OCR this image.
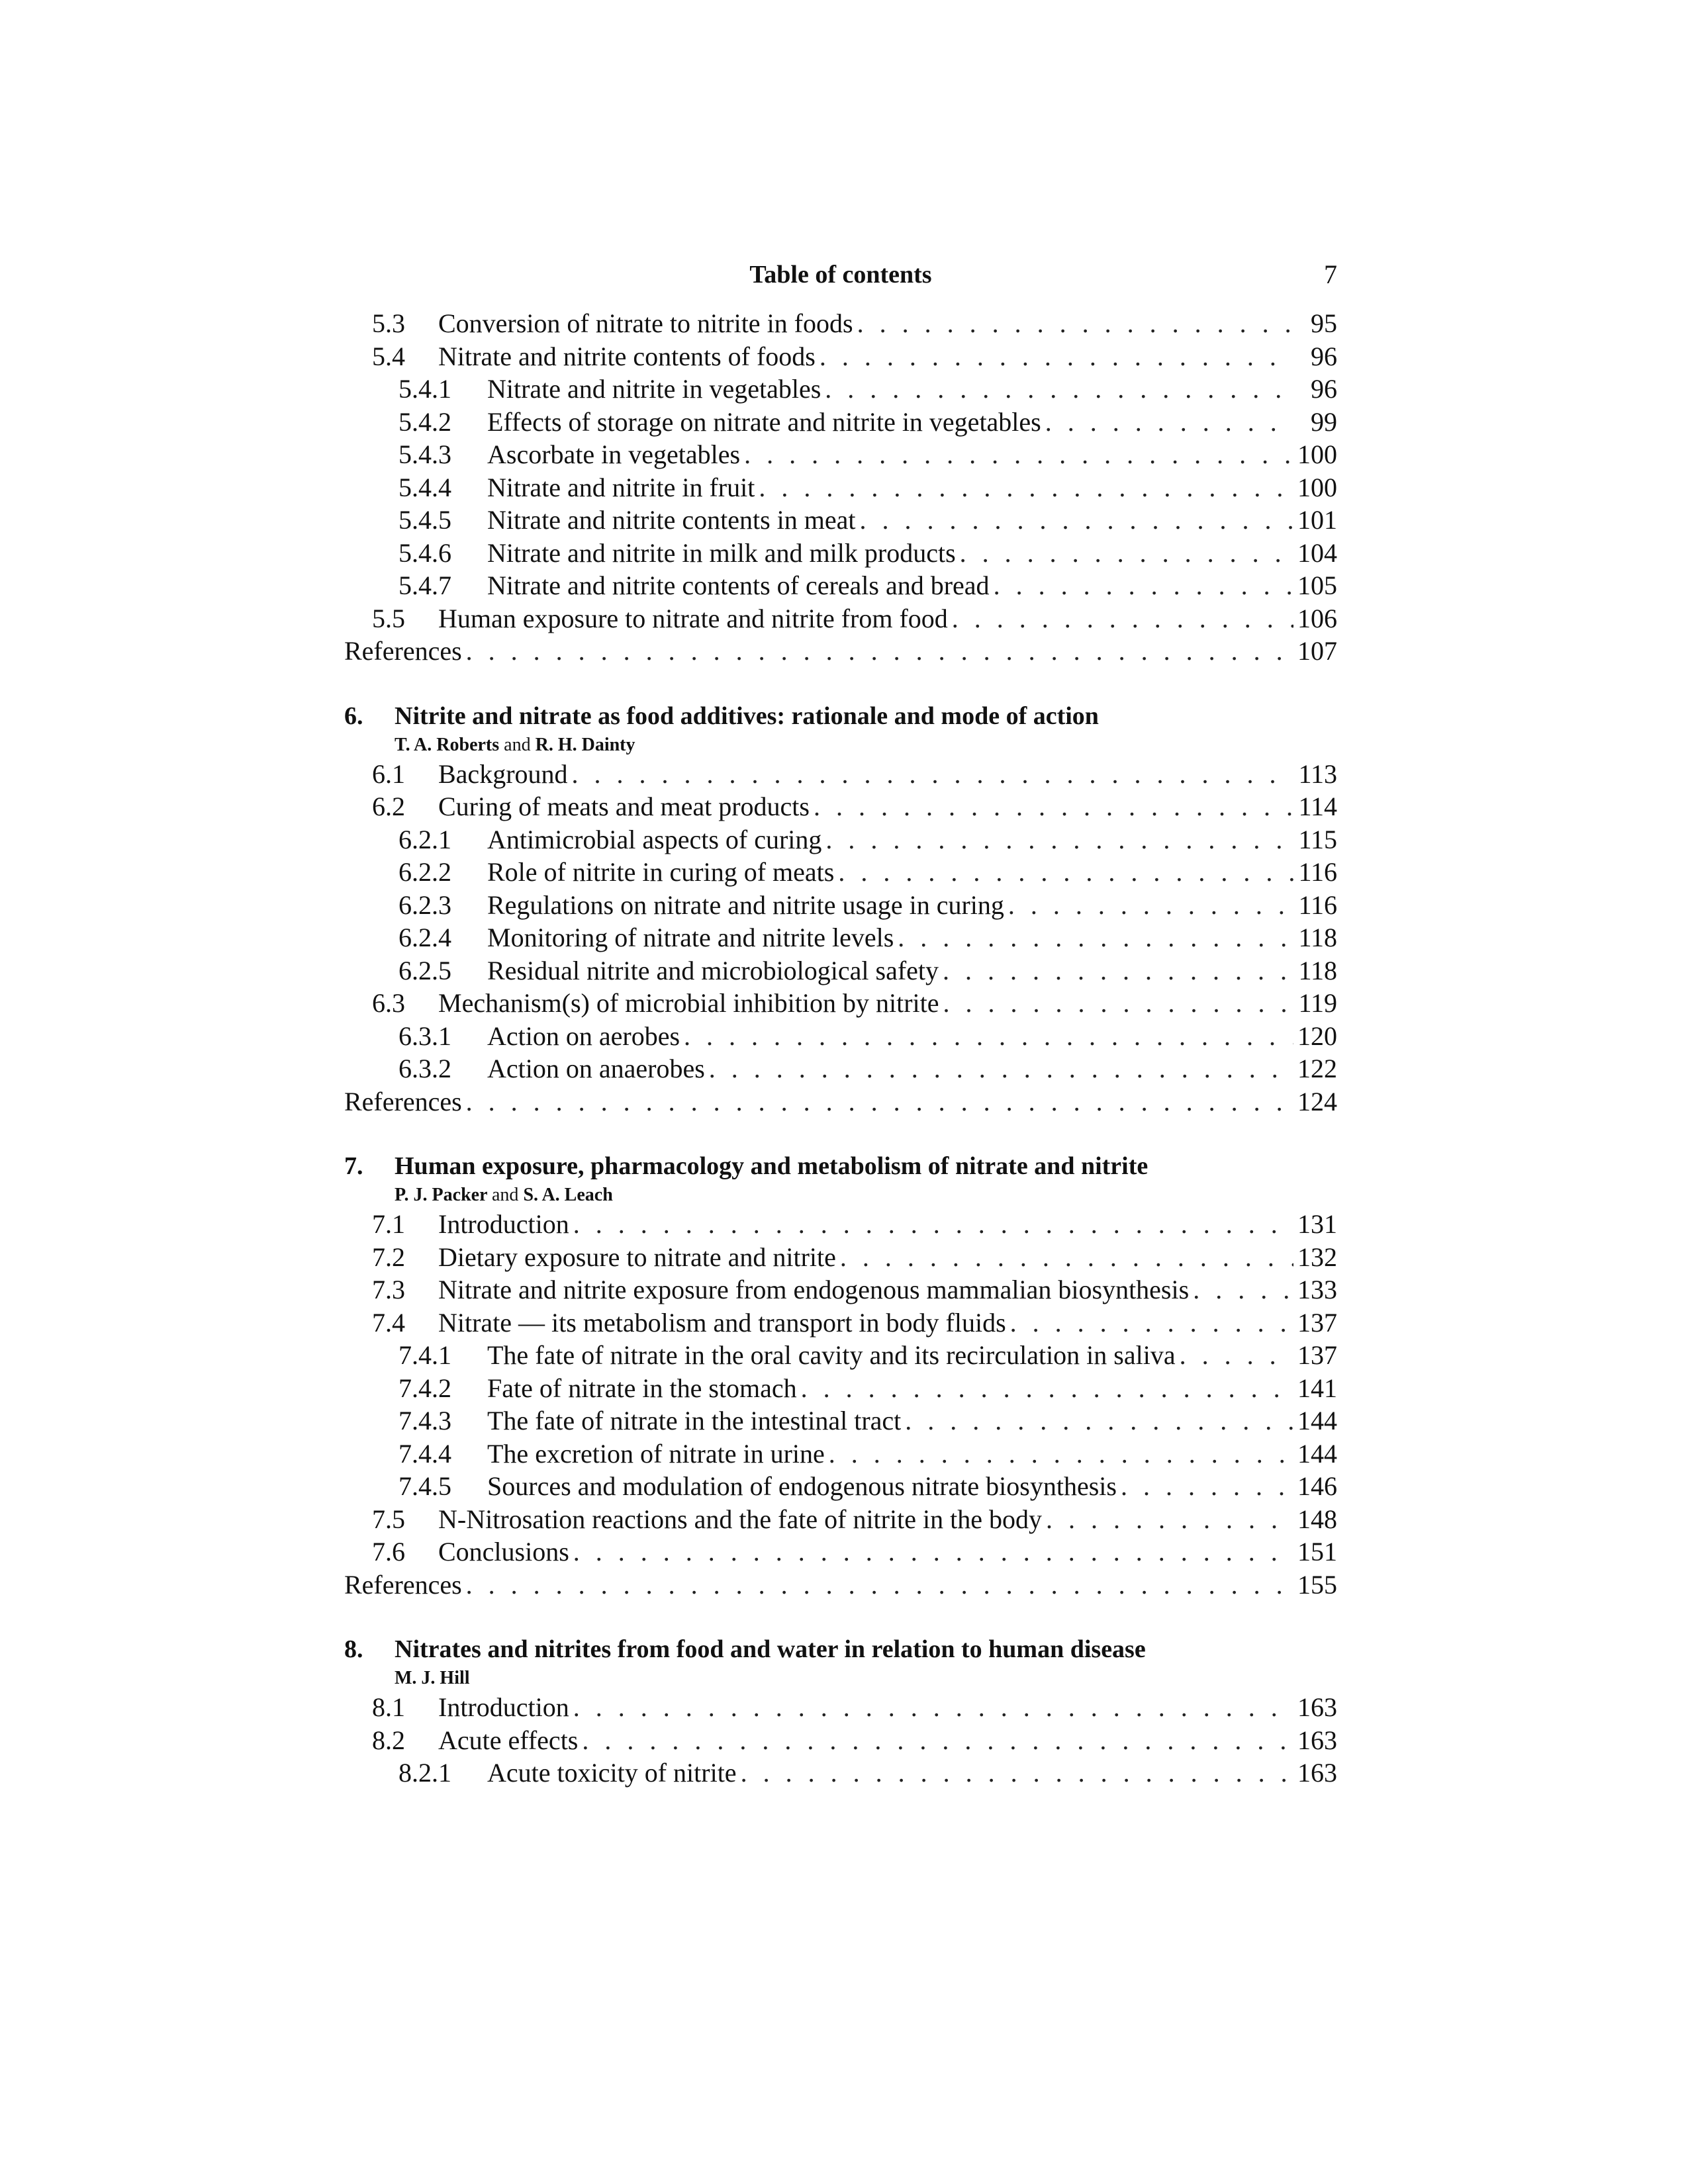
Table of contents	7
5.3	Conversion of nitrate to nitrite in foods . . .	95
5.4	Nitrate and nitrite contents of foods . . .	96
5.4.1	Nitrate and nitrite in vegetables . . .	96
5.4.2	Effects of storage on nitrate and nitrite in vegetables . . .	99
5.4.3	Ascorbate in vegetables . . .	100
5.4.4	Nitrate and nitrite in fruit . . .	100
5.4.5	Nitrate and nitrite contents in meat . . .	101
5.4.6	Nitrate and nitrite in milk and milk products . . .	104
5.4.7	Nitrate and nitrite contents of cereals and bread . . .	105
5.5	Human exposure to nitrate and nitrite from food . . .	106
References . . .	107
6. Nitrite and nitrate as food additives: rationale and mode of action
T. A. Roberts and R. H. Dainty
6.1	Background . . .	113
6.2	Curing of meats and meat products . . .	114
6.2.1	Antimicrobial aspects of curing . . .	115
6.2.2	Role of nitrite in curing of meats . . .	116
6.2.3	Regulations on nitrate and nitrite usage in curing . . .	116
6.2.4	Monitoring of nitrate and nitrite levels . . .	118
6.2.5	Residual nitrite and microbiological safety . . .	118
6.3	Mechanism(s) of microbial inhibition by nitrite . . .	119
6.3.1	Action on aerobes . . .	120
6.3.2	Action on anaerobes . . .	122
References . . .	124
7. Human exposure, pharmacology and metabolism of nitrate and nitrite
P. J. Packer and S. A. Leach
7.1	Introduction . . .	131
7.2	Dietary exposure to nitrate and nitrite . . .	132
7.3	Nitrate and nitrite exposure from endogenous mammalian biosynthesis . . .	133
7.4	Nitrate — its metabolism and transport in body fluids . . .	137
7.4.1	The fate of nitrate in the oral cavity and its recirculation in saliva . . .	137
7.4.2	Fate of nitrate in the stomach . . .	141
7.4.3	The fate of nitrate in the intestinal tract . . .	144
7.4.4	The excretion of nitrate in urine . . .	144
7.4.5	Sources and modulation of endogenous nitrate biosynthesis . . .	146
7.5	N-Nitrosation reactions and the fate of nitrite in the body . . .	148
7.6	Conclusions . . .	151
References . . .	155
8. Nitrates and nitrites from food and water in relation to human disease
M. J. Hill
8.1	Introduction . . .	163
8.2	Acute effects . . .	163
8.2.1	Acute toxicity of nitrite . . .	163
